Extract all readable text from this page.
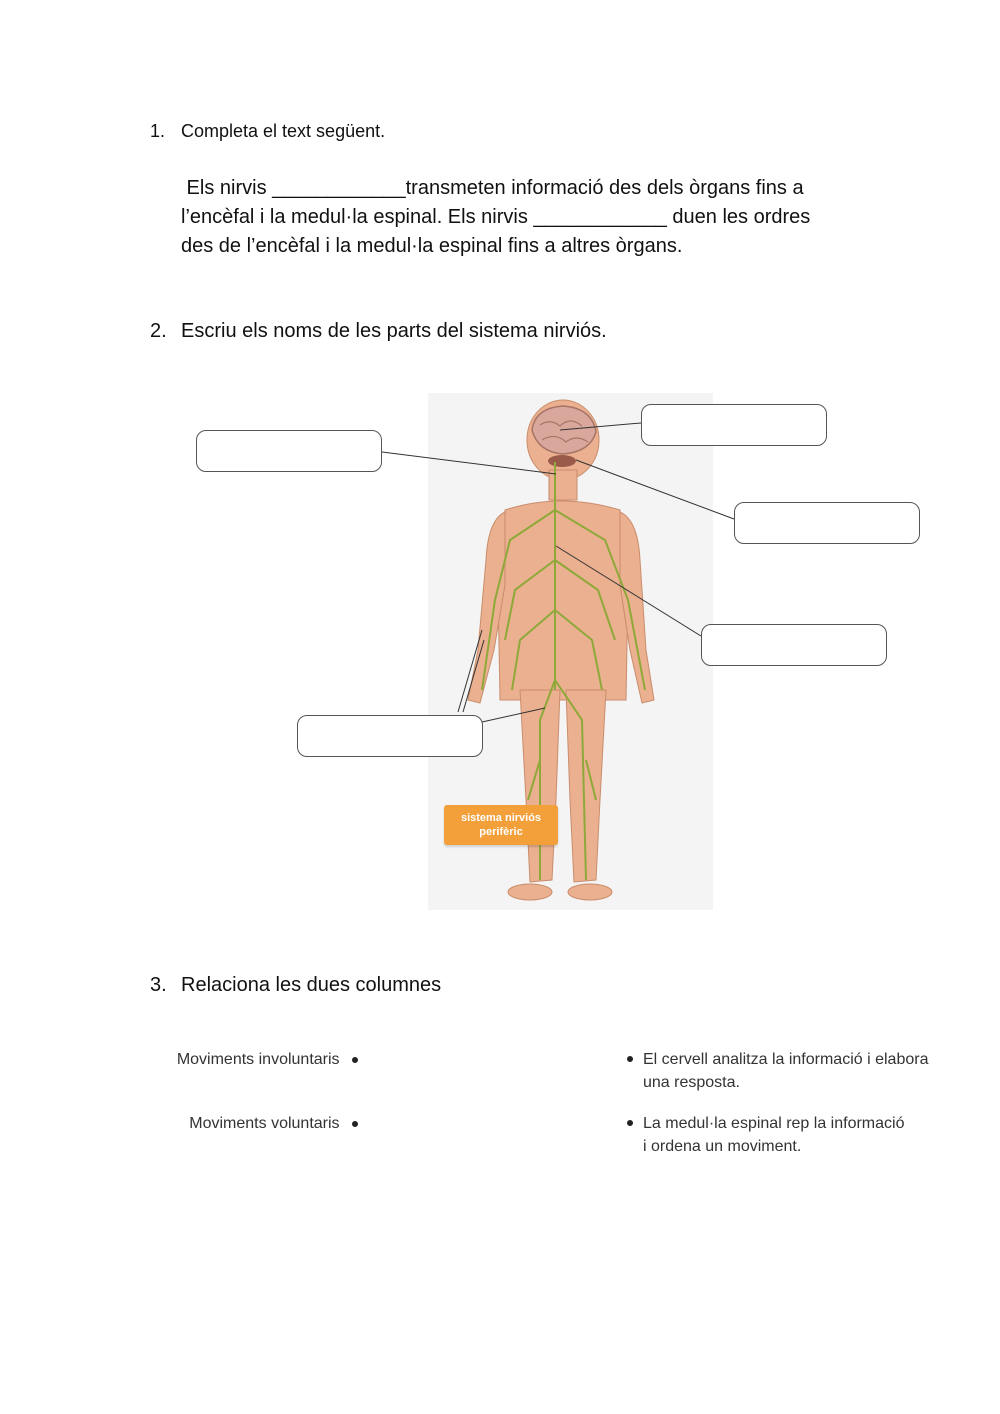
1. Completa el text següent.
Els nirvis ____________transmeten informació des dels òrgans fins a
l’encèfal i la medul·la espinal. Els nirvis ____________ duen les ordres
des de l’encèfal i la medul·la espinal fins a altres òrgans.
2. Escriu els noms de les parts del sistema nirviós.
sistema nirviós
perifèric
3. Relaciona les dues columnes
Moviments involuntaris
Moviments voluntaris
El cervell analitza la informació i elabora
una resposta.
La medul·la espinal rep la informació
i ordena un moviment.
